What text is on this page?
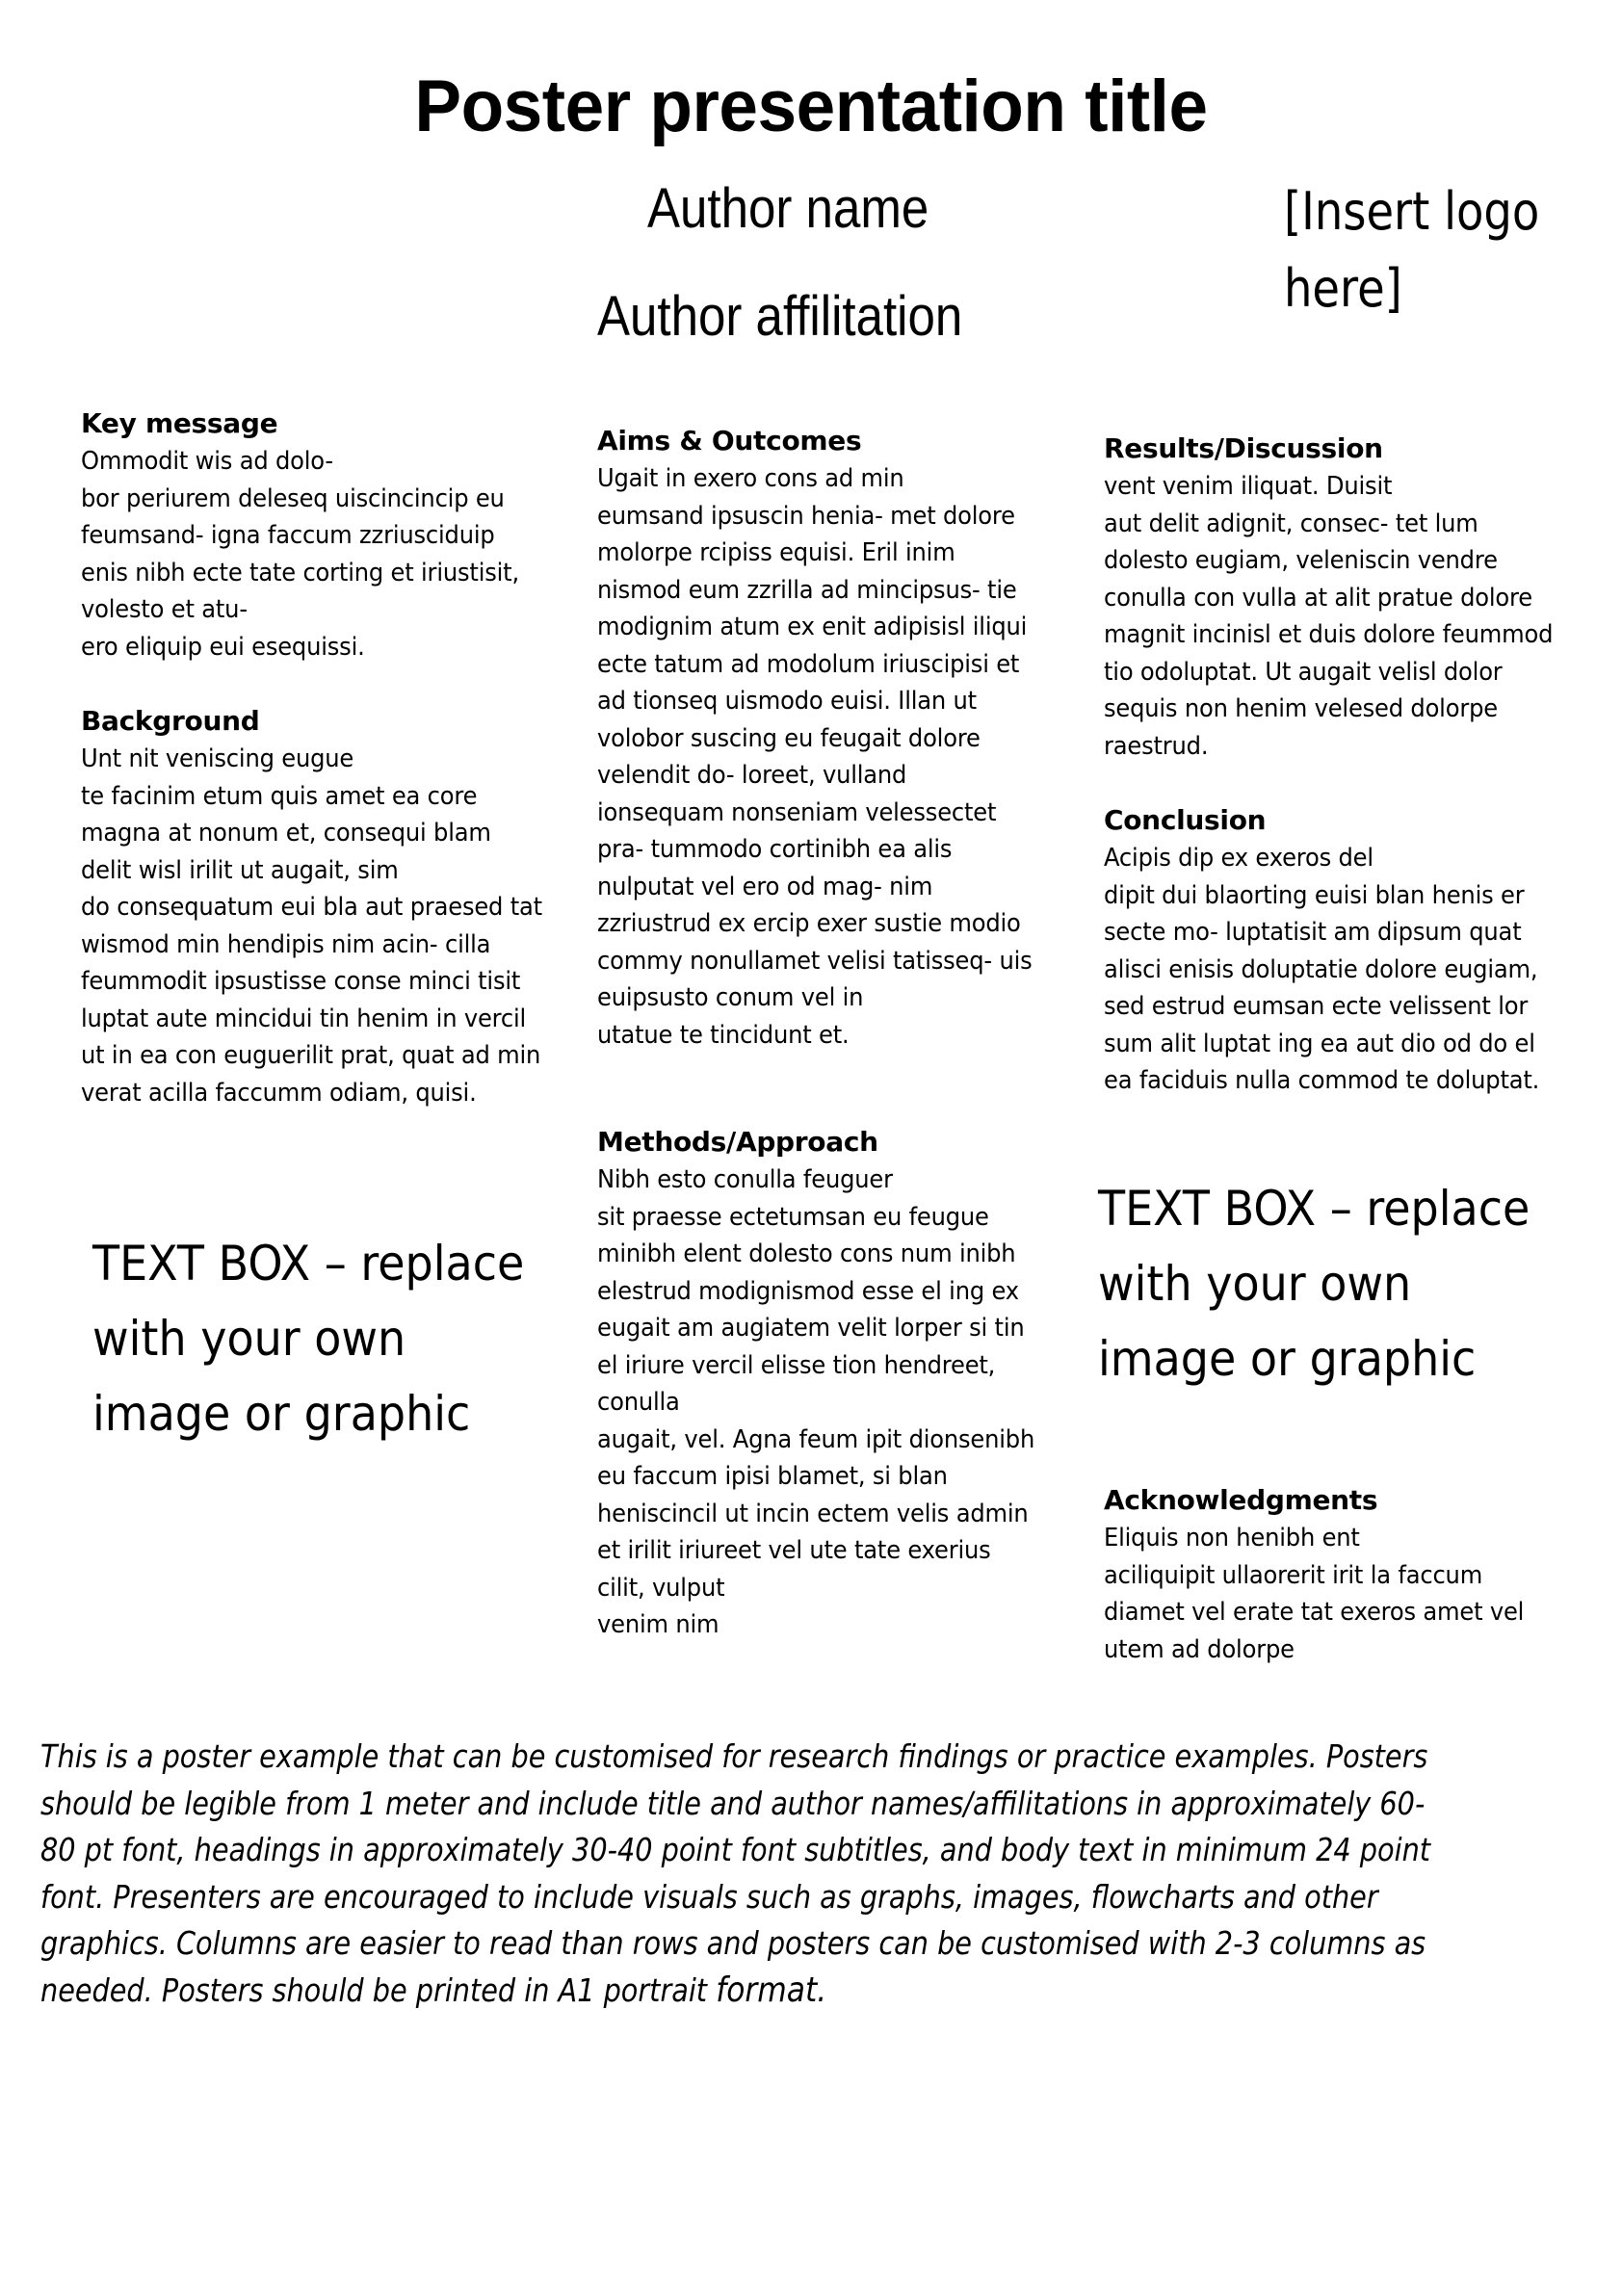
Poster presentation title
Author name
Author affilitation
[Insert logo
here]
Key message
Ommodit wis ad dolo-
bor periurem deleseq uiscincincip eu
feumsand- igna faccum zzriusciduip
enis nibh ecte tate corting et iriustisit,
volesto et atu-
ero eliquip eui esequissi.
Background
Unt nit veniscing eugue
te facinim etum quis amet ea core
magna at nonum et, consequi blam
delit wisl irilit ut augait, sim
do consequatum eui bla aut praesed tat
wismod min hendipis nim acin- cilla
feummodit ipsustisse conse minci tisit
luptat aute mincidui tin henim in vercil
ut in ea con euguerilit prat, quat ad min
verat acilla faccumm odiam, quisi.
TEXT BOX – replace
with your own
image or graphic
Aims & Outcomes
Ugait in exero cons ad min
eumsand ipsuscin henia- met dolore
molorpe rcipiss equisi. Eril inim
nismod eum zzrilla ad mincipsus- tie
modignim atum ex enit adipisisl iliqui
ecte tatum ad modolum iriuscipisi et
ad tionseq uismodo euisi. Illan ut
volobor suscing eu feugait dolore
velendit do- loreet, vulland
ionsequam nonseniam velessectet
pra- tummodo cortinibh ea alis
nulputat vel ero od mag- nim
zzriustrud ex ercip exer sustie modio
commy nonullamet velisi tatisseq- uis
euipsusto conum vel in
utatue te tincidunt et.
Methods/Approach
Nibh esto conulla feuguer
sit praesse ectetumsan eu feugue
minibh elent dolesto cons num inibh
elestrud modignismod esse el ing ex
eugait am augiatem velit lorper si tin
el iriure vercil elisse tion hendreet,
conulla
augait, vel. Agna feum ipit dionsenibh
eu faccum ipisi blamet, si blan
heniscincil ut incin ectem velis admin
et irilit iriureet vel ute tate exerius
cilit, vulput
venim nim
Results/Discussion
vent venim iliquat. Duisit
aut delit adignit, consec- tet lum
dolesto eugiam, veleniscin vendre
conulla con vulla at alit pratue dolore
magnit incinisl et duis dolore feummod
tio odoluptat. Ut augait velisl dolor
sequis non henim velesed dolorpe
raestrud.
Conclusion
Acipis dip ex exeros del
dipit dui blaorting euisi blan henis er
secte mo- luptatisit am dipsum quat
alisci enisis doluptatie dolore eugiam,
sed estrud eumsan ecte velissent lor
sum alit luptat ing ea aut dio od do el
ea faciduis nulla commod te doluptat.
TEXT BOX – replace
with your own
image or graphic
Acknowledgments
Eliquis non henibh ent
aciliquipit ullaorerit irit la faccum
diamet vel erate tat exeros amet vel
utem ad dolorpe
This is a poster example that can be customised for research findings or practice examples. Posters
should be legible from 1 meter and include title and author names/affilitations in approximately 60-
80 pt font, headings in approximately 30-40 point font subtitles, and body text in minimum 24 point
font. Presenters are encouraged to include visuals such as graphs, images, flowcharts and other
graphics. Columns are easier to read than rows and posters can be customised with 2-3 columns as
needed. Posters should be printed in A1 portrait format.
